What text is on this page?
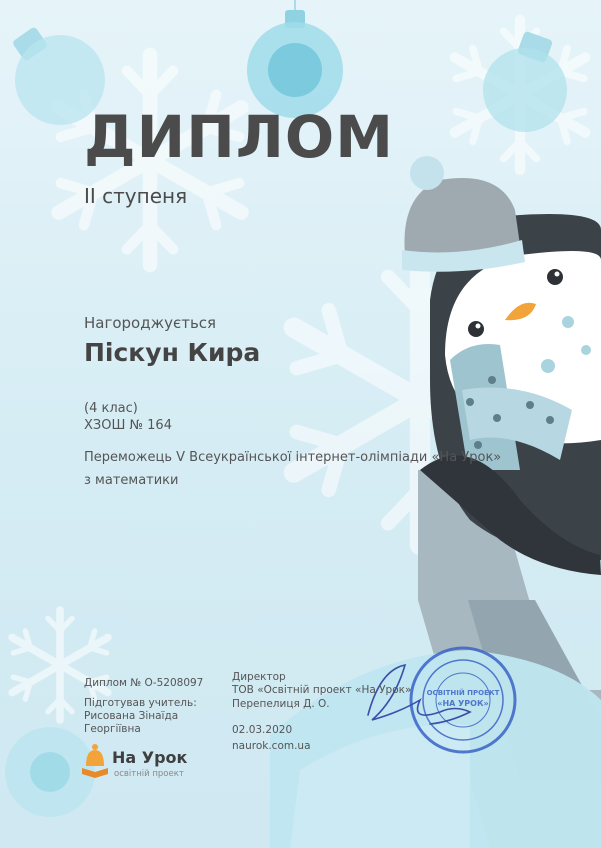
ОСВІТНІЙ ПРОЕКТ
«НА УРОК»
ДИПЛОМ
ІІ ступеня
Нагороджується
Піскун Кира
(4 клас)
ХЗОШ № 164
Переможець V Всеукраїнської інтернет-олімпіади «На Урок»
з математики
Диплом № О-5208097
Підготував учитель:
Рисована Зінаїда
Георгіївна
Директор
ТОВ «Освітній проект «На Урок»
Перепелиця Д. О.
02.03.2020
naurok.com.ua
На Урок
освітній проект
